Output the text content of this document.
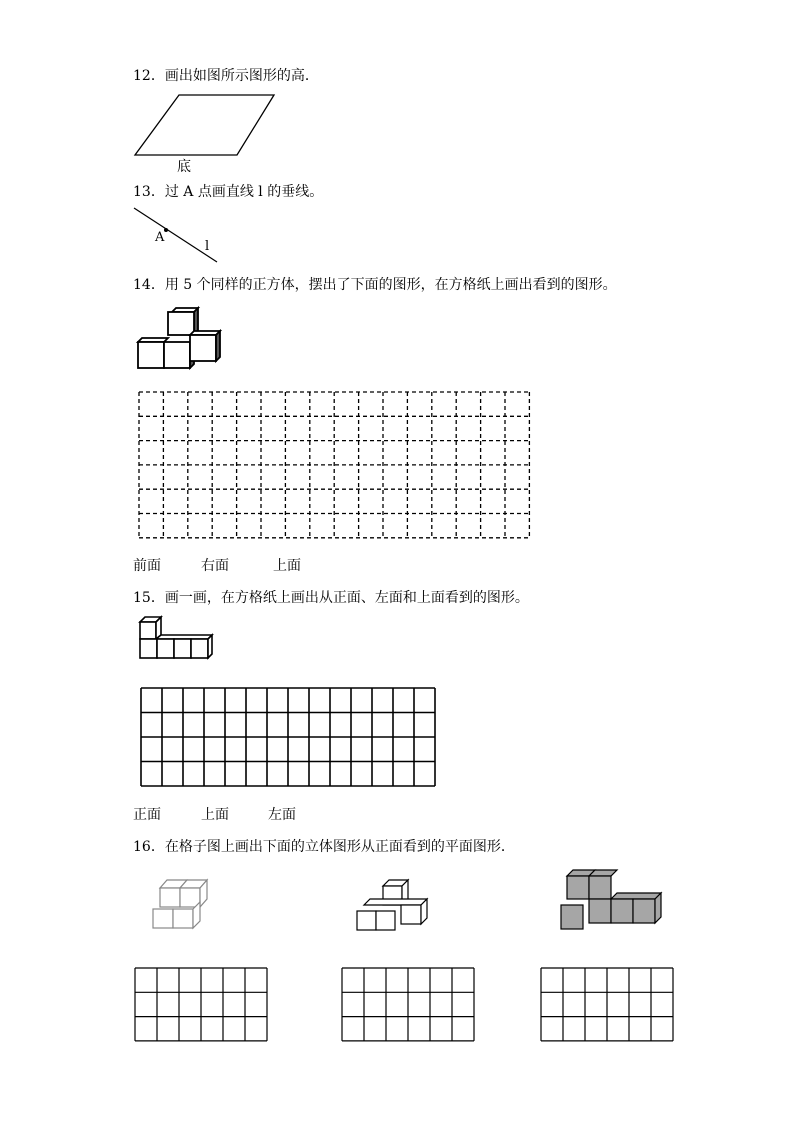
12．画出如图所示图形的高．
底
13．过 A 点画直线 l 的垂线。
A
l
14．用 5 个同样的正方体，摆出了下面的图形，在方格纸上画出看到的图形。
前面	右面	上面
15．画一画，在方格纸上画出从正面、左面和上面看到的图形。
正面	上面	左面
16．在格子图上画出下面的立体图形从正面看到的平面图形．
